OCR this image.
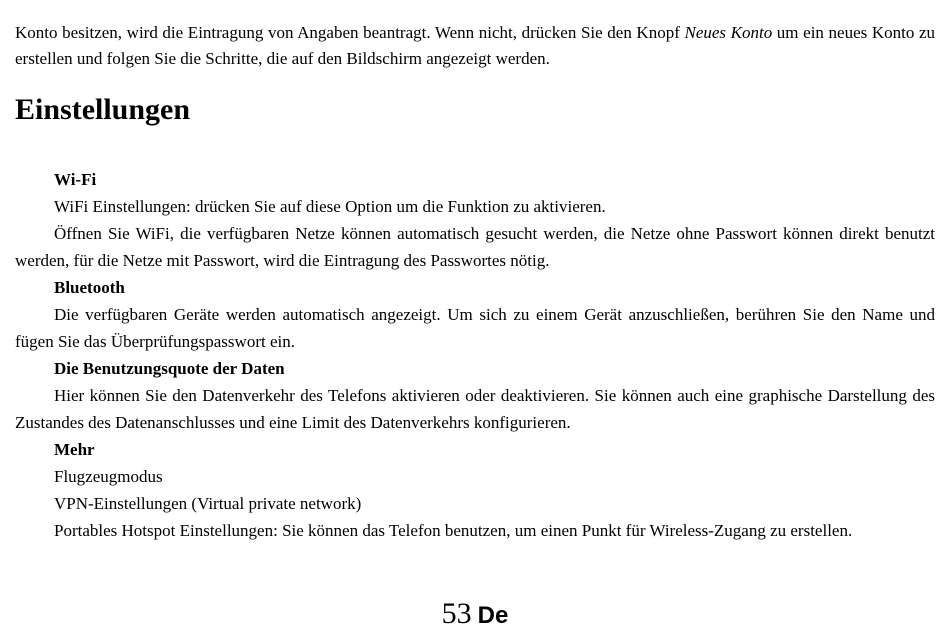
Konto besitzen, wird die Eintragung von Angaben beantragt. Wenn nicht, drücken Sie den Knopf Neues Konto um ein neues Konto zu erstellen und folgen Sie die Schritte, die auf den Bildschirm angezeigt werden.

Einstellungen

Wi-Fi

WiFi Einstellungen: drücken Sie auf diese Option um die Funktion zu aktivieren.

Öffnen Sie WiFi, die verfügbaren Netze können automatisch gesucht werden, die Netze ohne Passwort können direkt benutzt werden, für die Netze mit Passwort, wird die Eintragung des Passwortes nötig.

Bluetooth

Die verfügbaren Geräte werden automatisch angezeigt. Um sich zu einem Gerät anzuschließen, berühren Sie den Name und fügen Sie das Überprüfungspasswort ein.

Die Benutzungsquote der Daten

Hier können Sie den Datenverkehr des Telefons aktivieren oder deaktivieren. Sie können auch eine graphische Darstellung des Zustandes des Datenanschlusses und eine Limit des Datenverkehrs konfigurieren.

Mehr

Flugzeugmodus

VPN-Einstellungen (Virtual private network)

Portables Hotspot Einstellungen: Sie können das Telefon benutzen, um einen Punkt für Wireless-Zugang zu erstellen.

53 De
